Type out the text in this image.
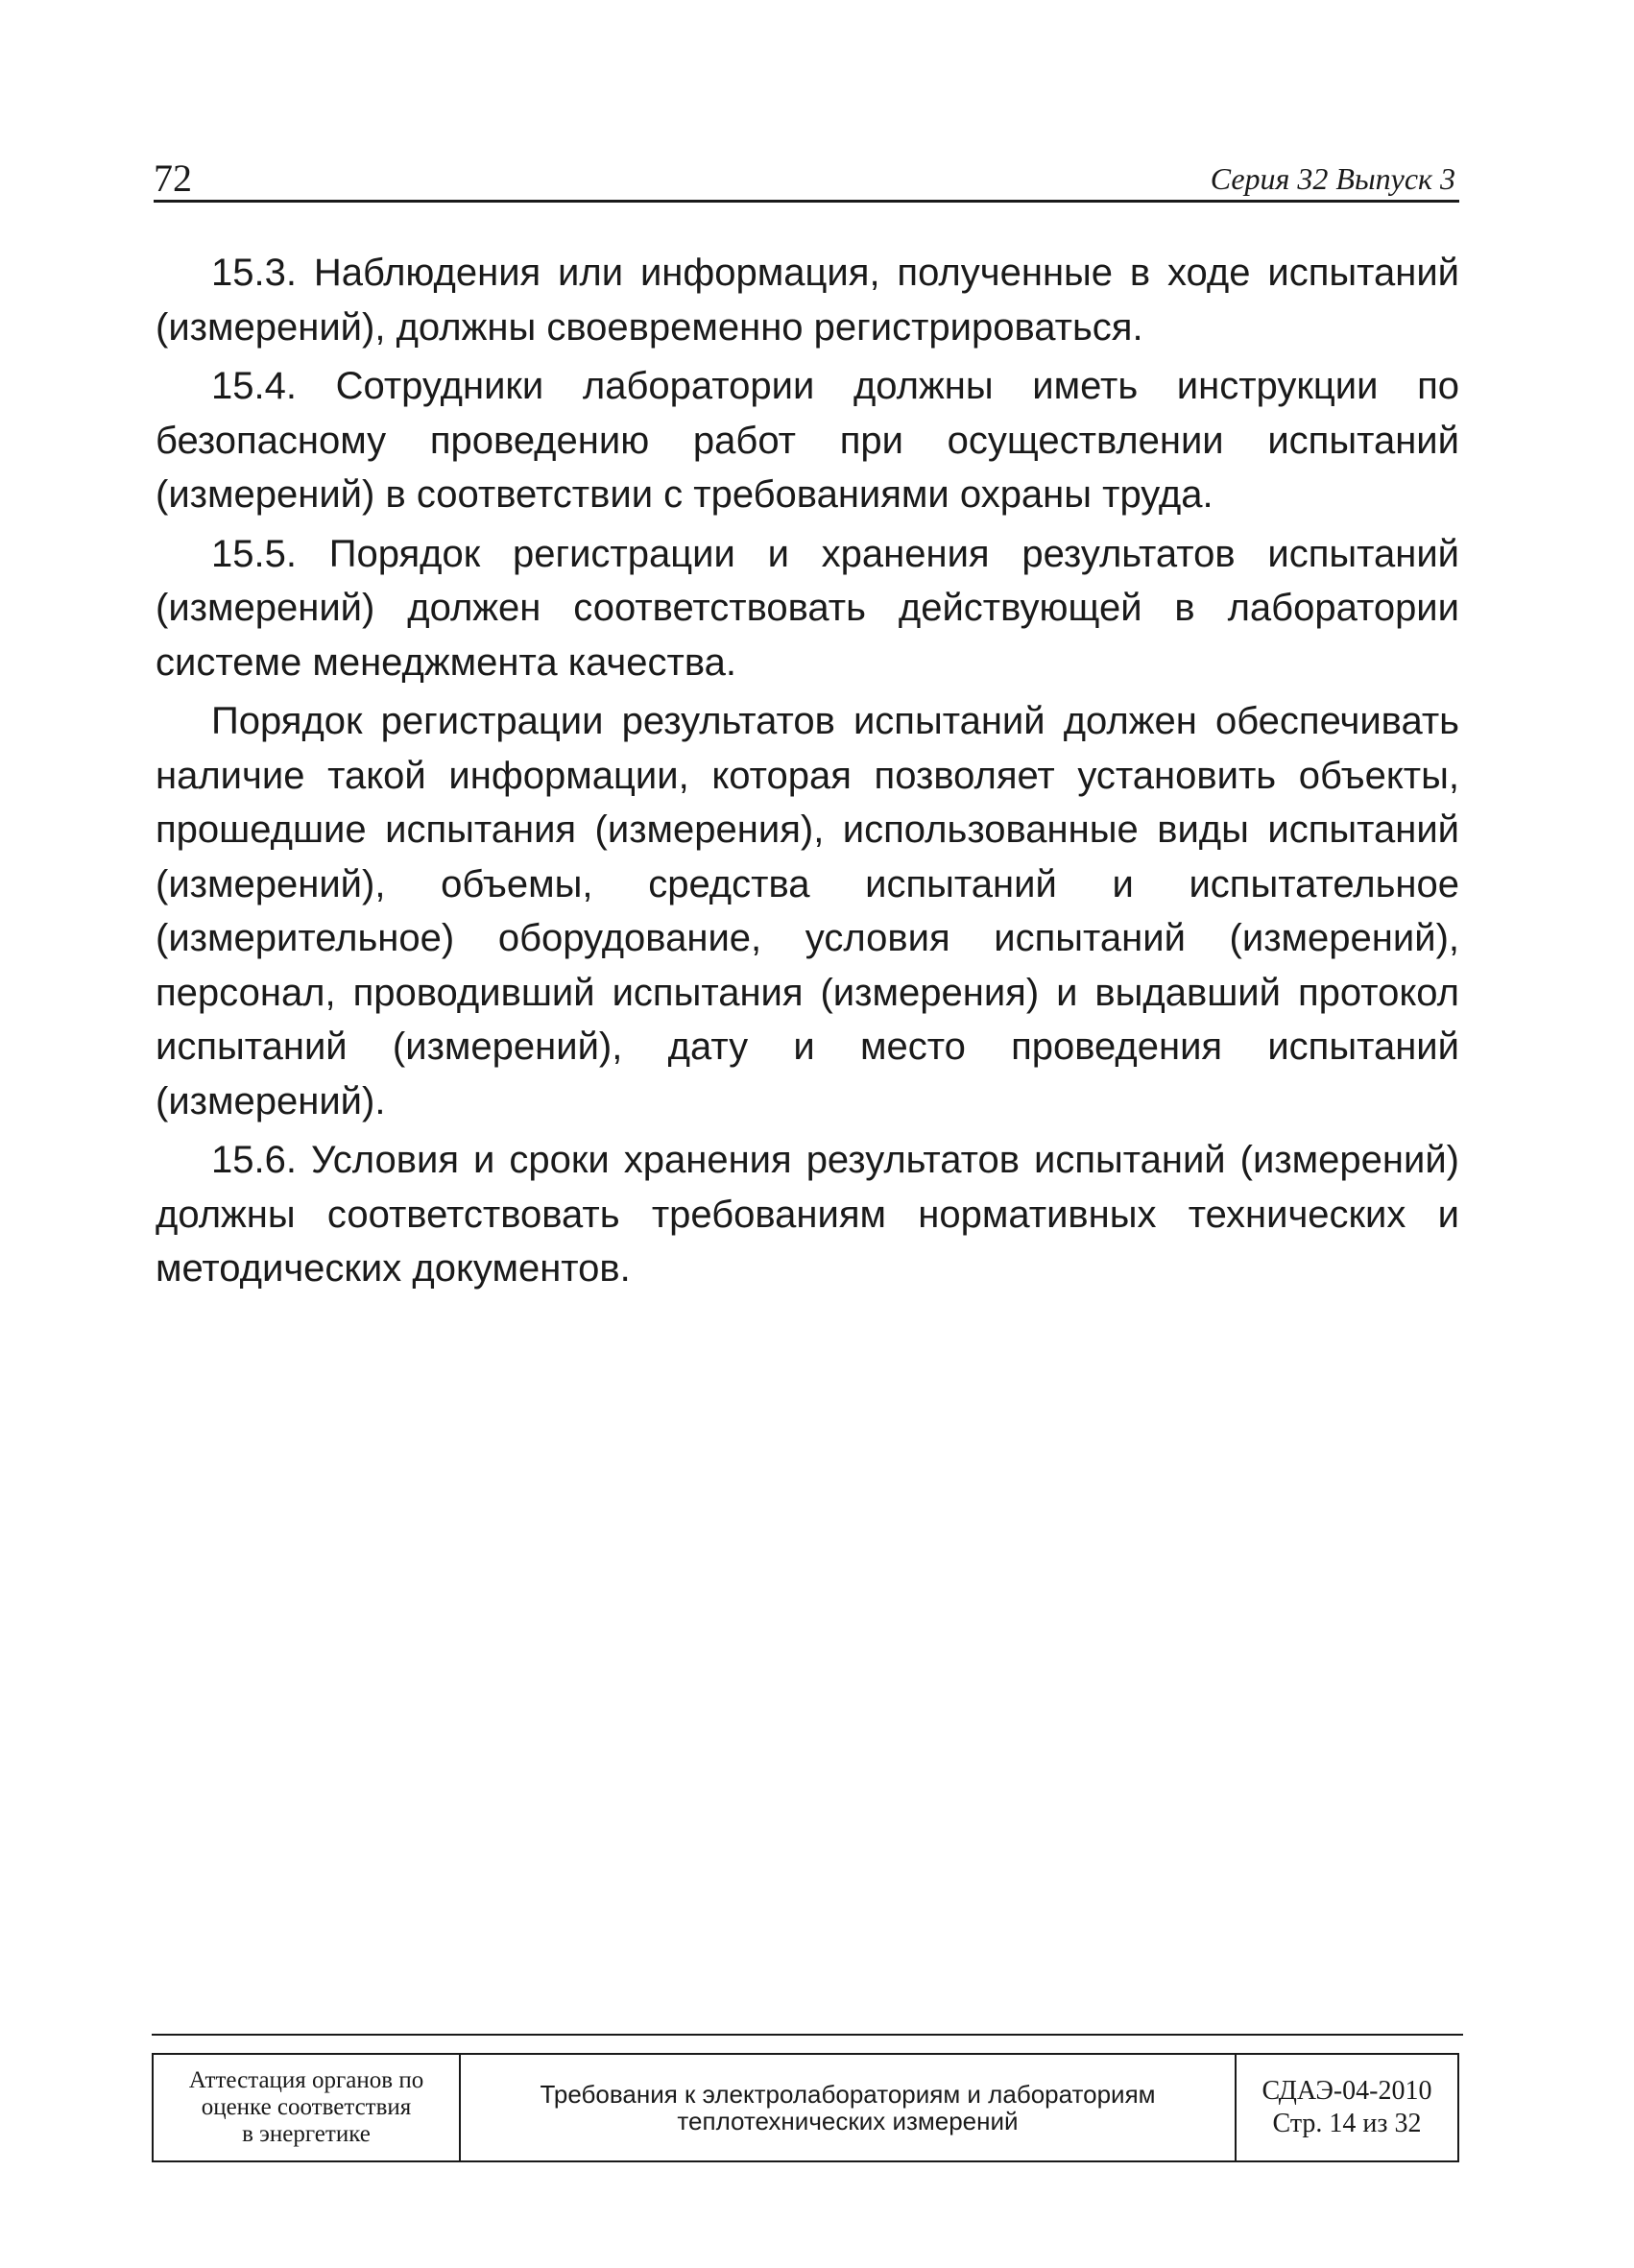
72	Серия 32 Выпуск 3

15.3. Наблюдения или информация, полученные в ходе испытаний (измерений), должны своевременно регистрироваться.

15.4. Сотрудники лаборатории должны иметь инструкции по безопасному проведению работ при осуществлении испытаний (измерений) в соответствии с требованиями охраны труда.

15.5. Порядок регистрации и хранения результатов испытаний (измерений) должен соответствовать действующей в лаборатории системе менеджмента качества.

Порядок регистрации результатов испытаний должен обеспечивать наличие такой информации, которая позволяет установить объекты, прошедшие испытания (измерения), использованные виды испытаний (измерений), объемы, средства испытаний и испытательное (измерительное) оборудование, условия испытаний (измерений), персонал, проводивший испытания (измерения) и выдавший протокол испытаний (измерений), дату и место проведения испытаний (измерений).

15.6. Условия и сроки хранения результатов испытаний (измерений) должны соответствовать требованиям нормативных технических и методических документов.

Аттестация органов по
оценке соответствия
в энергетике
Требования к электролабораториям и лабораториям
теплотехнических измерений
СДАЭ-04-2010
Стр. 14 из 32
